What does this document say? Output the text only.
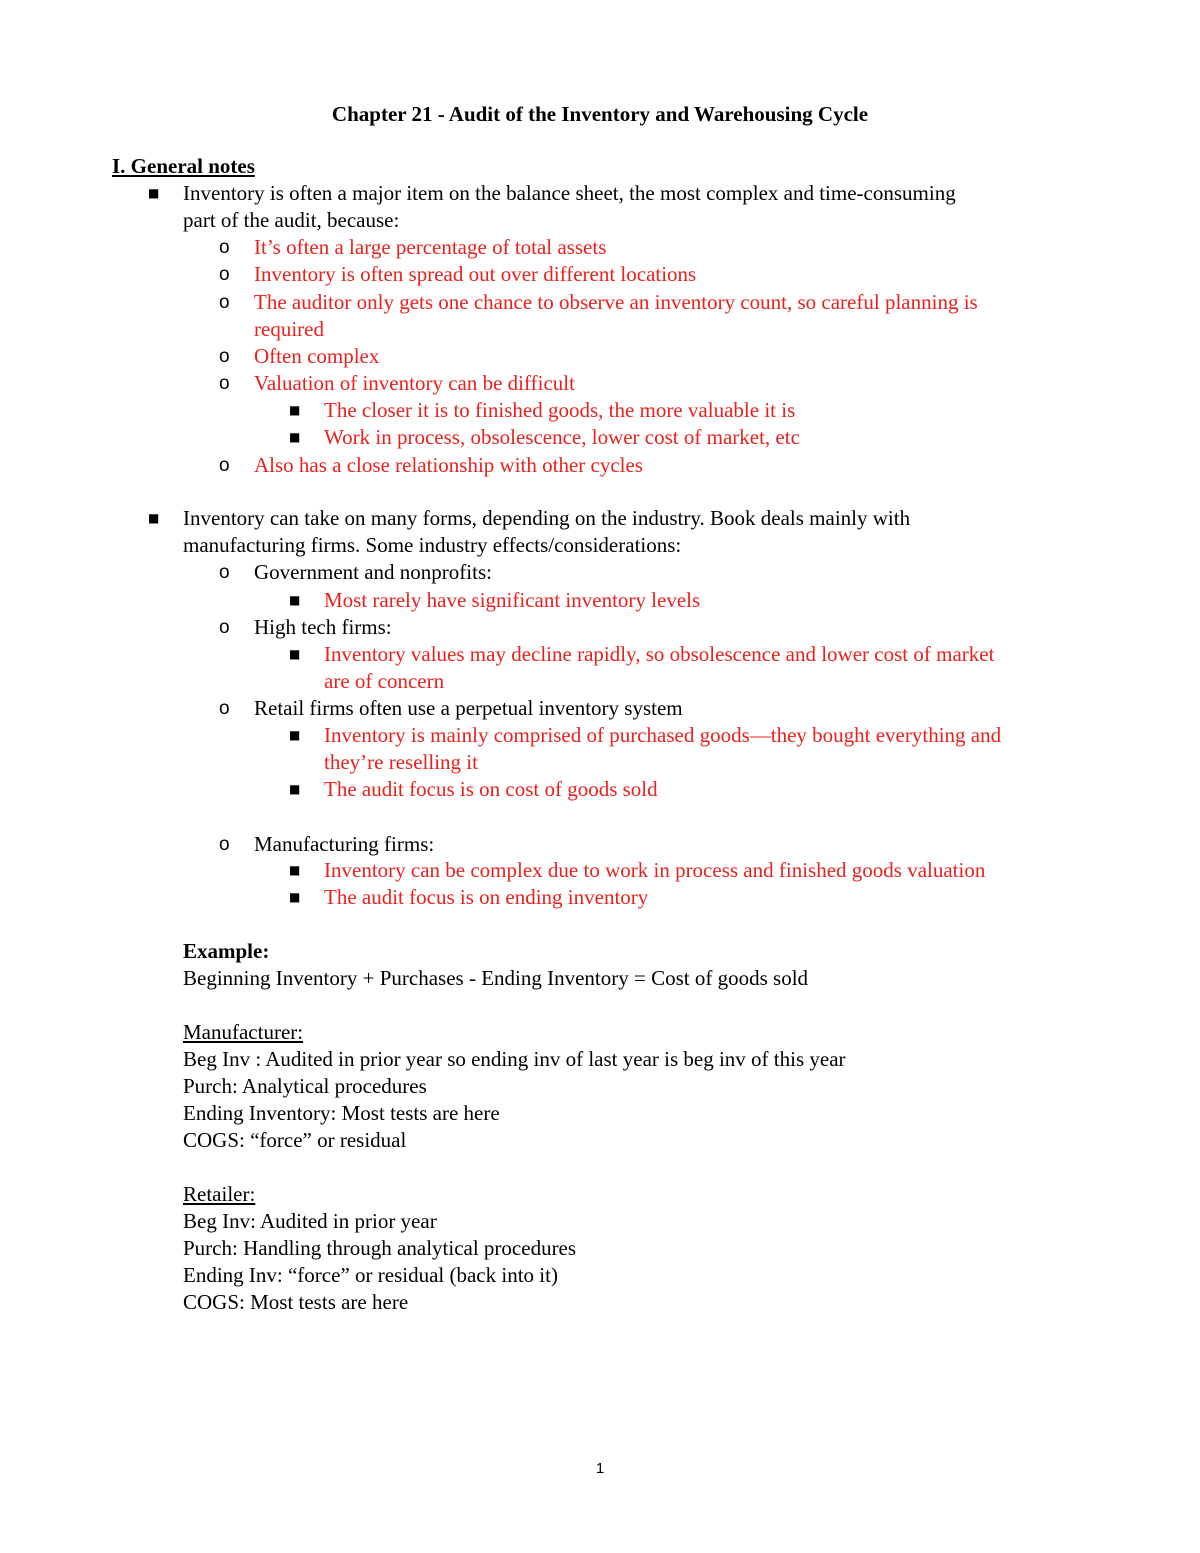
Chapter 21 - Audit of the Inventory and Warehousing Cycle
I. General notes
■ Inventory is often a major item on the balance sheet, the most complex and time-consuming
part of the audit, because:
o It’s often a large percentage of total assets
o Inventory is often spread out over different locations
o The auditor only gets one chance to observe an inventory count, so careful planning is
required
o Often complex
o Valuation of inventory can be difficult
■ The closer it is to finished goods, the more valuable it is
■ Work in process, obsolescence, lower cost of market, etc
o Also has a close relationship with other cycles
■ Inventory can take on many forms, depending on the industry. Book deals mainly with
manufacturing firms. Some industry effects/considerations:
o Government and nonprofits:
■ Most rarely have significant inventory levels
o High tech firms:
■ Inventory values may decline rapidly, so obsolescence and lower cost of market
are of concern
o Retail firms often use a perpetual inventory system
■ Inventory is mainly comprised of purchased goods—they bought everything and
they’re reselling it
■ The audit focus is on cost of goods sold
o Manufacturing firms:
■ Inventory can be complex due to work in process and finished goods valuation
■ The audit focus is on ending inventory
Example:
Beginning Inventory + Purchases - Ending Inventory = Cost of goods sold
Manufacturer:
Beg Inv : Audited in prior year so ending inv of last year is beg inv of this year
Purch: Analytical procedures
Ending Inventory: Most tests are here
COGS: “force” or residual
Retailer:
Beg Inv: Audited in prior year
Purch: Handling through analytical procedures
Ending Inv: “force” or residual (back into it)
COGS: Most tests are here
1
